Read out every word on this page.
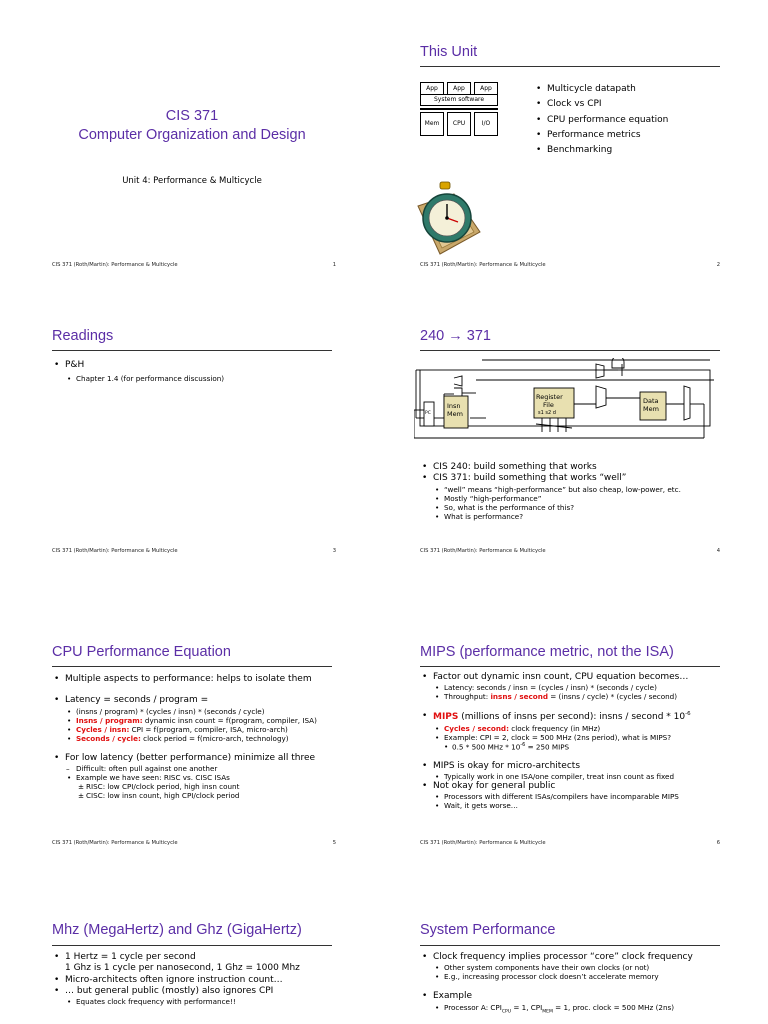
CIS 371
Computer Organization and Design
Unit 4: Performance & Multicycle
CIS 371 (Roth/Martin): Performance & Multicycle	1
This Unit
App	App	App
System software
Mem	CPU	I/O
• Multicycle datapath
• Clock vs CPI
• CPU performance equation
• Performance metrics
• Benchmarking
CIS 371 (Roth/Martin): Performance & Multicycle	2
Readings
• P&H
• Chapter 1.4 (for performance discussion)
CIS 371 (Roth/Martin): Performance & Multicycle	3
240 → 371
PC
Insn
Mem
Register
File
s1 s2 d
Data
Mem
• CIS 240: build something that works
• CIS 371: build something that works “well”
• “well” means “high-performance” but also cheap, low-power, etc.
• Mostly “high-performance”
• So, what is the performance of this?
• What is performance?
CIS 371 (Roth/Martin): Performance & Multicycle	4
CPU Performance Equation
• Multiple aspects to performance: helps to isolate them
• Latency = seconds / program =
• (insns / program) * (cycles / insn) * (seconds / cycle)
• Insns / program: dynamic insn count = f(program, compiler, ISA)
• Cycles / insn: CPI = f(program, compiler, ISA, micro-arch)
• Seconds / cycle: clock period = f(micro-arch, technology)
• For low latency (better performance) minimize all three
– Difficult: often pull against one another
• Example we have seen: RISC vs. CISC ISAs
± RISC: low CPI/clock period, high insn count
± CISC: low insn count, high CPI/clock period
CIS 371 (Roth/Martin): Performance & Multicycle	5
MIPS (performance metric, not the ISA)
• Factor out dynamic insn count, CPU equation becomes…
• Latency: seconds / insn = (cycles / insn) * (seconds / cycle)
• Throughput: insns / second = (insns / cycle) * (cycles / second)
• MIPS (millions of insns per second): insns / second * $10^{-6}$
• Cycles / second: clock frequency (in MHz)
• Example: CPI = 2, clock = 500 MHz (2ns period), what is MIPS?
• 0.5 * 500 MHz * $10^{-6} = 250$ MIPS
• MIPS is okay for micro-architects
• Typically work in one ISA/one compiler, treat insn count as fixed
• Not okay for general public
• Processors with different ISAs/compilers have incomparable MIPS
• Wait, it gets worse…
CIS 371 (Roth/Martin): Performance & Multicycle	6
Mhz (MegaHertz) and Ghz (GigaHertz)
• 1 Hertz = 1 cycle per second
1 Ghz is 1 cycle per nanosecond, 1 Ghz = 1000 Mhz
• Micro-architects often ignore instruction count…
• … but general public (mostly) also ignores CPI
• Equates clock frequency with performance!!
System Performance
• Clock frequency implies processor “core” clock frequency
• Other system components have their own clocks (or not)
• E.g., increasing processor clock doesn’t accelerate memory
• Example
• Processor A: $CPI_{CPU} = 1$, $CPI_{MEM} = 1$, proc. clock = 500 MHz (2ns)
